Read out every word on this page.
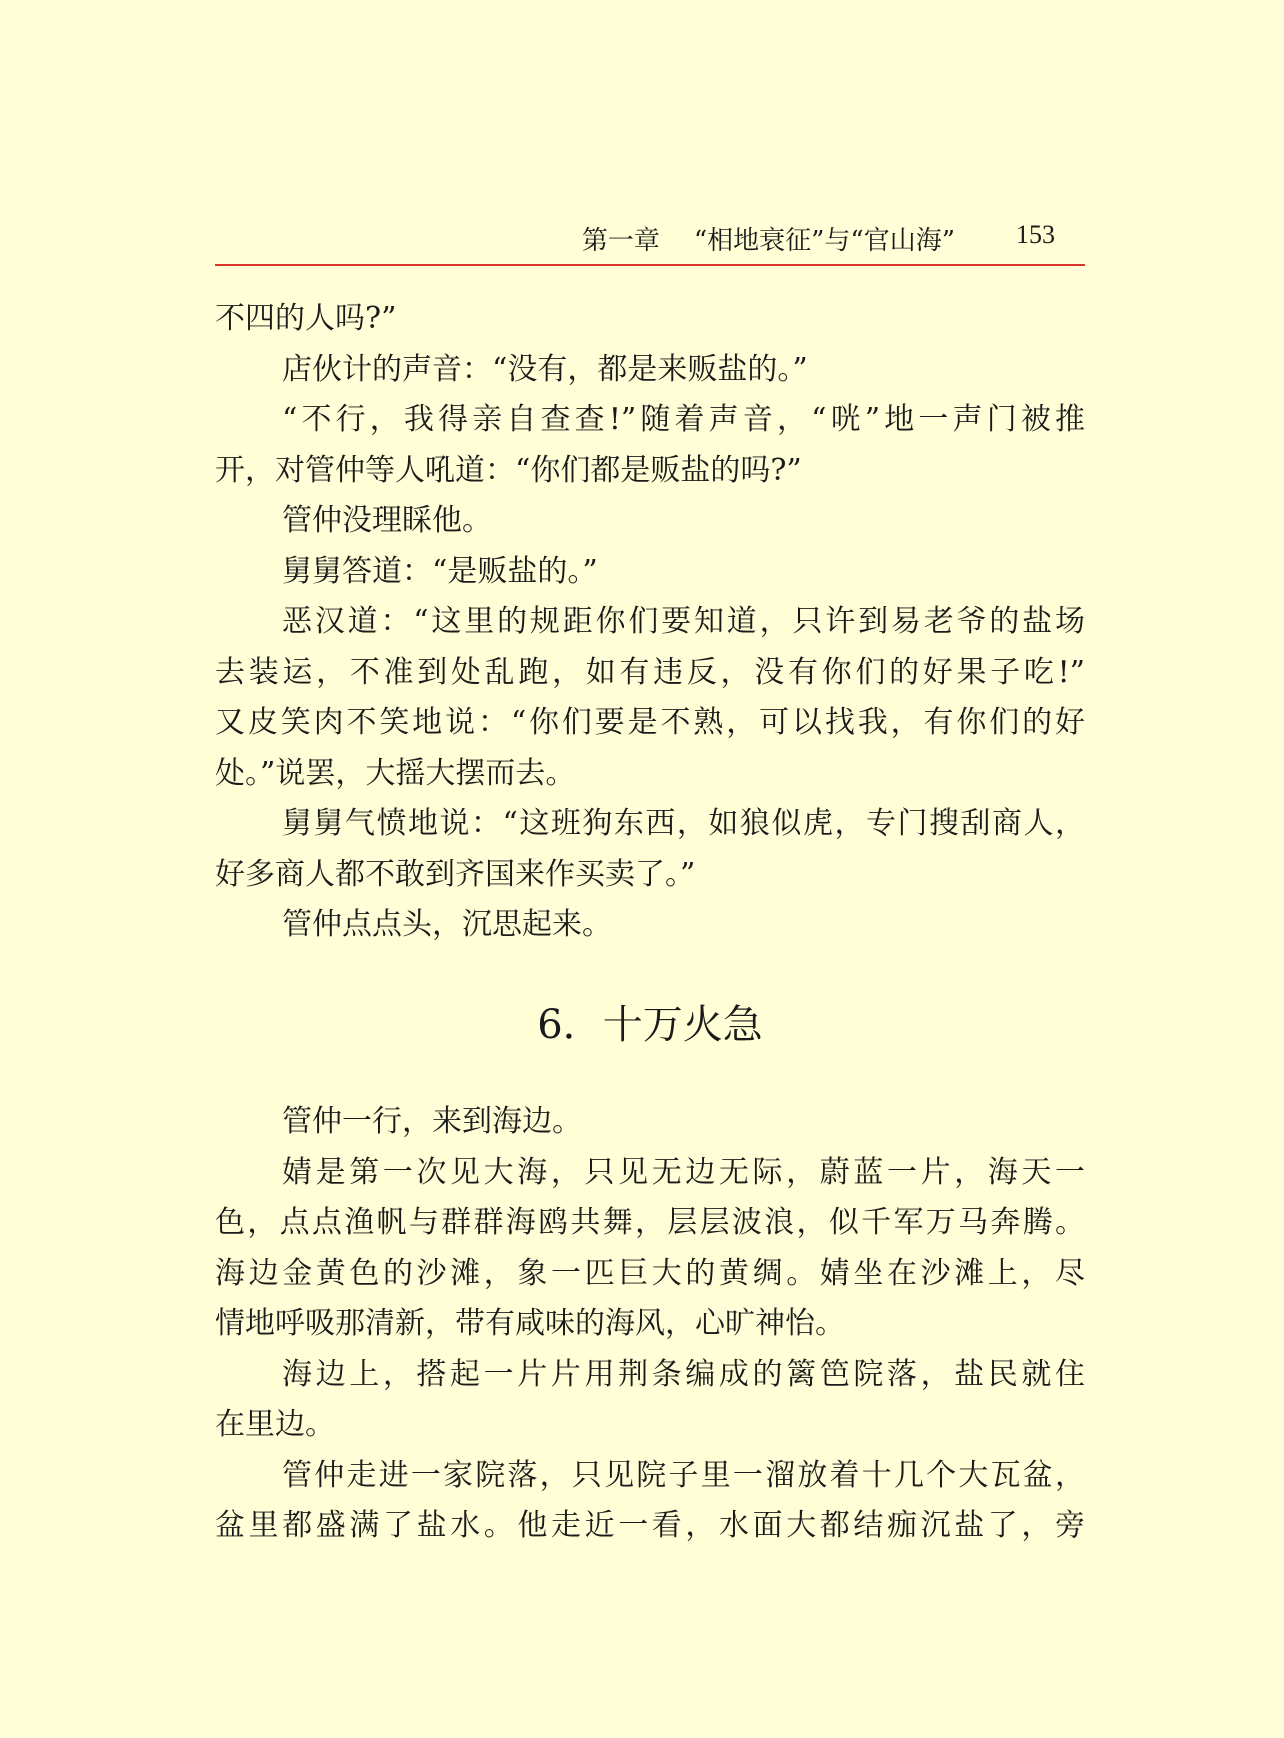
第一章 “相地衰征”与“官山海” 153
不四的人吗?”
店伙计的声音：“没有，都是来贩盐的。”
“不行，我得亲自查查!”随着声音，“咣”地一声门被推
开，对管仲等人吼道：“你们都是贩盐的吗?”
管仲没理睬他。
舅舅答道：“是贩盐的。”
恶汉道：“这里的规距你们要知道，只许到易老爷的盐场
去装运，不准到处乱跑，如有违反，没有你们的好果子吃!”
又皮笑肉不笑地说：“你们要是不熟，可以找我，有你们的好
处。”说罢，大摇大摆而去。
舅舅气愤地说：“这班狗东西，如狼似虎，专门搜刮商人，
好多商人都不敢到齐国来作买卖了。”
管仲点点头，沉思起来。
6．十万火急
管仲一行，来到海边。
婧是第一次见大海，只见无边无际，蔚蓝一片，海天一
色，点点渔帆与群群海鸥共舞，层层波浪，似千军万马奔腾。
海边金黄色的沙滩，象一匹巨大的黄绸。婧坐在沙滩上，尽
情地呼吸那清新，带有咸味的海风，心旷神怡。
海边上，搭起一片片用荆条编成的篱笆院落，盐民就住
在里边。
管仲走进一家院落，只见院子里一溜放着十几个大瓦盆，
盆里都盛满了盐水。他走近一看，水面大都结痂沉盐了，旁
